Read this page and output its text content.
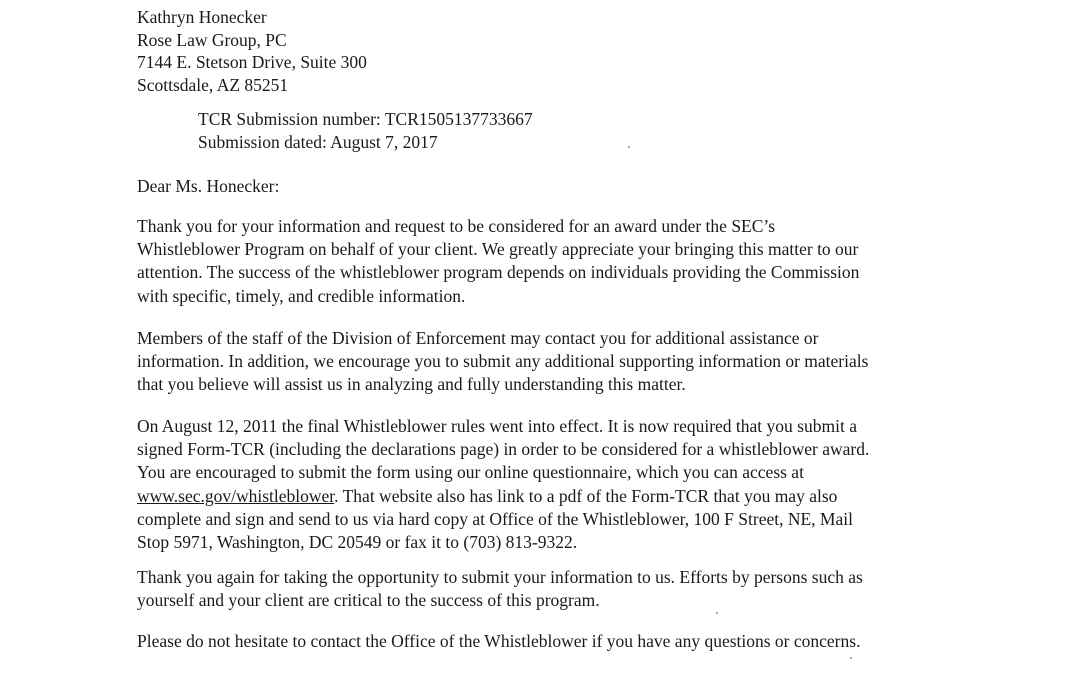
Kathryn Honecker
Rose Law Group, PC
7144 E. Stetson Drive, Suite 300
Scottsdale, AZ 85251
TCR Submission number: TCR1505137733667
Submission dated: August 7, 2017
Dear Ms. Honecker:
Thank you for your information and request to be considered for an award under the SEC’s
Whistleblower Program on behalf of your client. We greatly appreciate your bringing this matter to our
attention. The success of the whistleblower program depends on individuals providing the Commission
with specific, timely, and credible information.
Members of the staff of the Division of Enforcement may contact you for additional assistance or
information. In addition, we encourage you to submit any additional supporting information or materials
that you believe will assist us in analyzing and fully understanding this matter.
On August 12, 2011 the final Whistleblower rules went into effect. It is now required that you submit a
signed Form-TCR (including the declarations page) in order to be considered for a whistleblower award.
You are encouraged to submit the form using our online questionnaire, which you can access at
www.sec.gov/whistleblower. That website also has link to a pdf of the Form-TCR that you may also
complete and sign and send to us via hard copy at Office of the Whistleblower, 100 F Street, NE, Mail
Stop 5971, Washington, DC 20549 or fax it to (703) 813-9322.
Thank you again for taking the opportunity to submit your information to us. Efforts by persons such as
yourself and your client are critical to the success of this program.
Please do not hesitate to contact the Office of the Whistleblower if you have any questions or concerns.
